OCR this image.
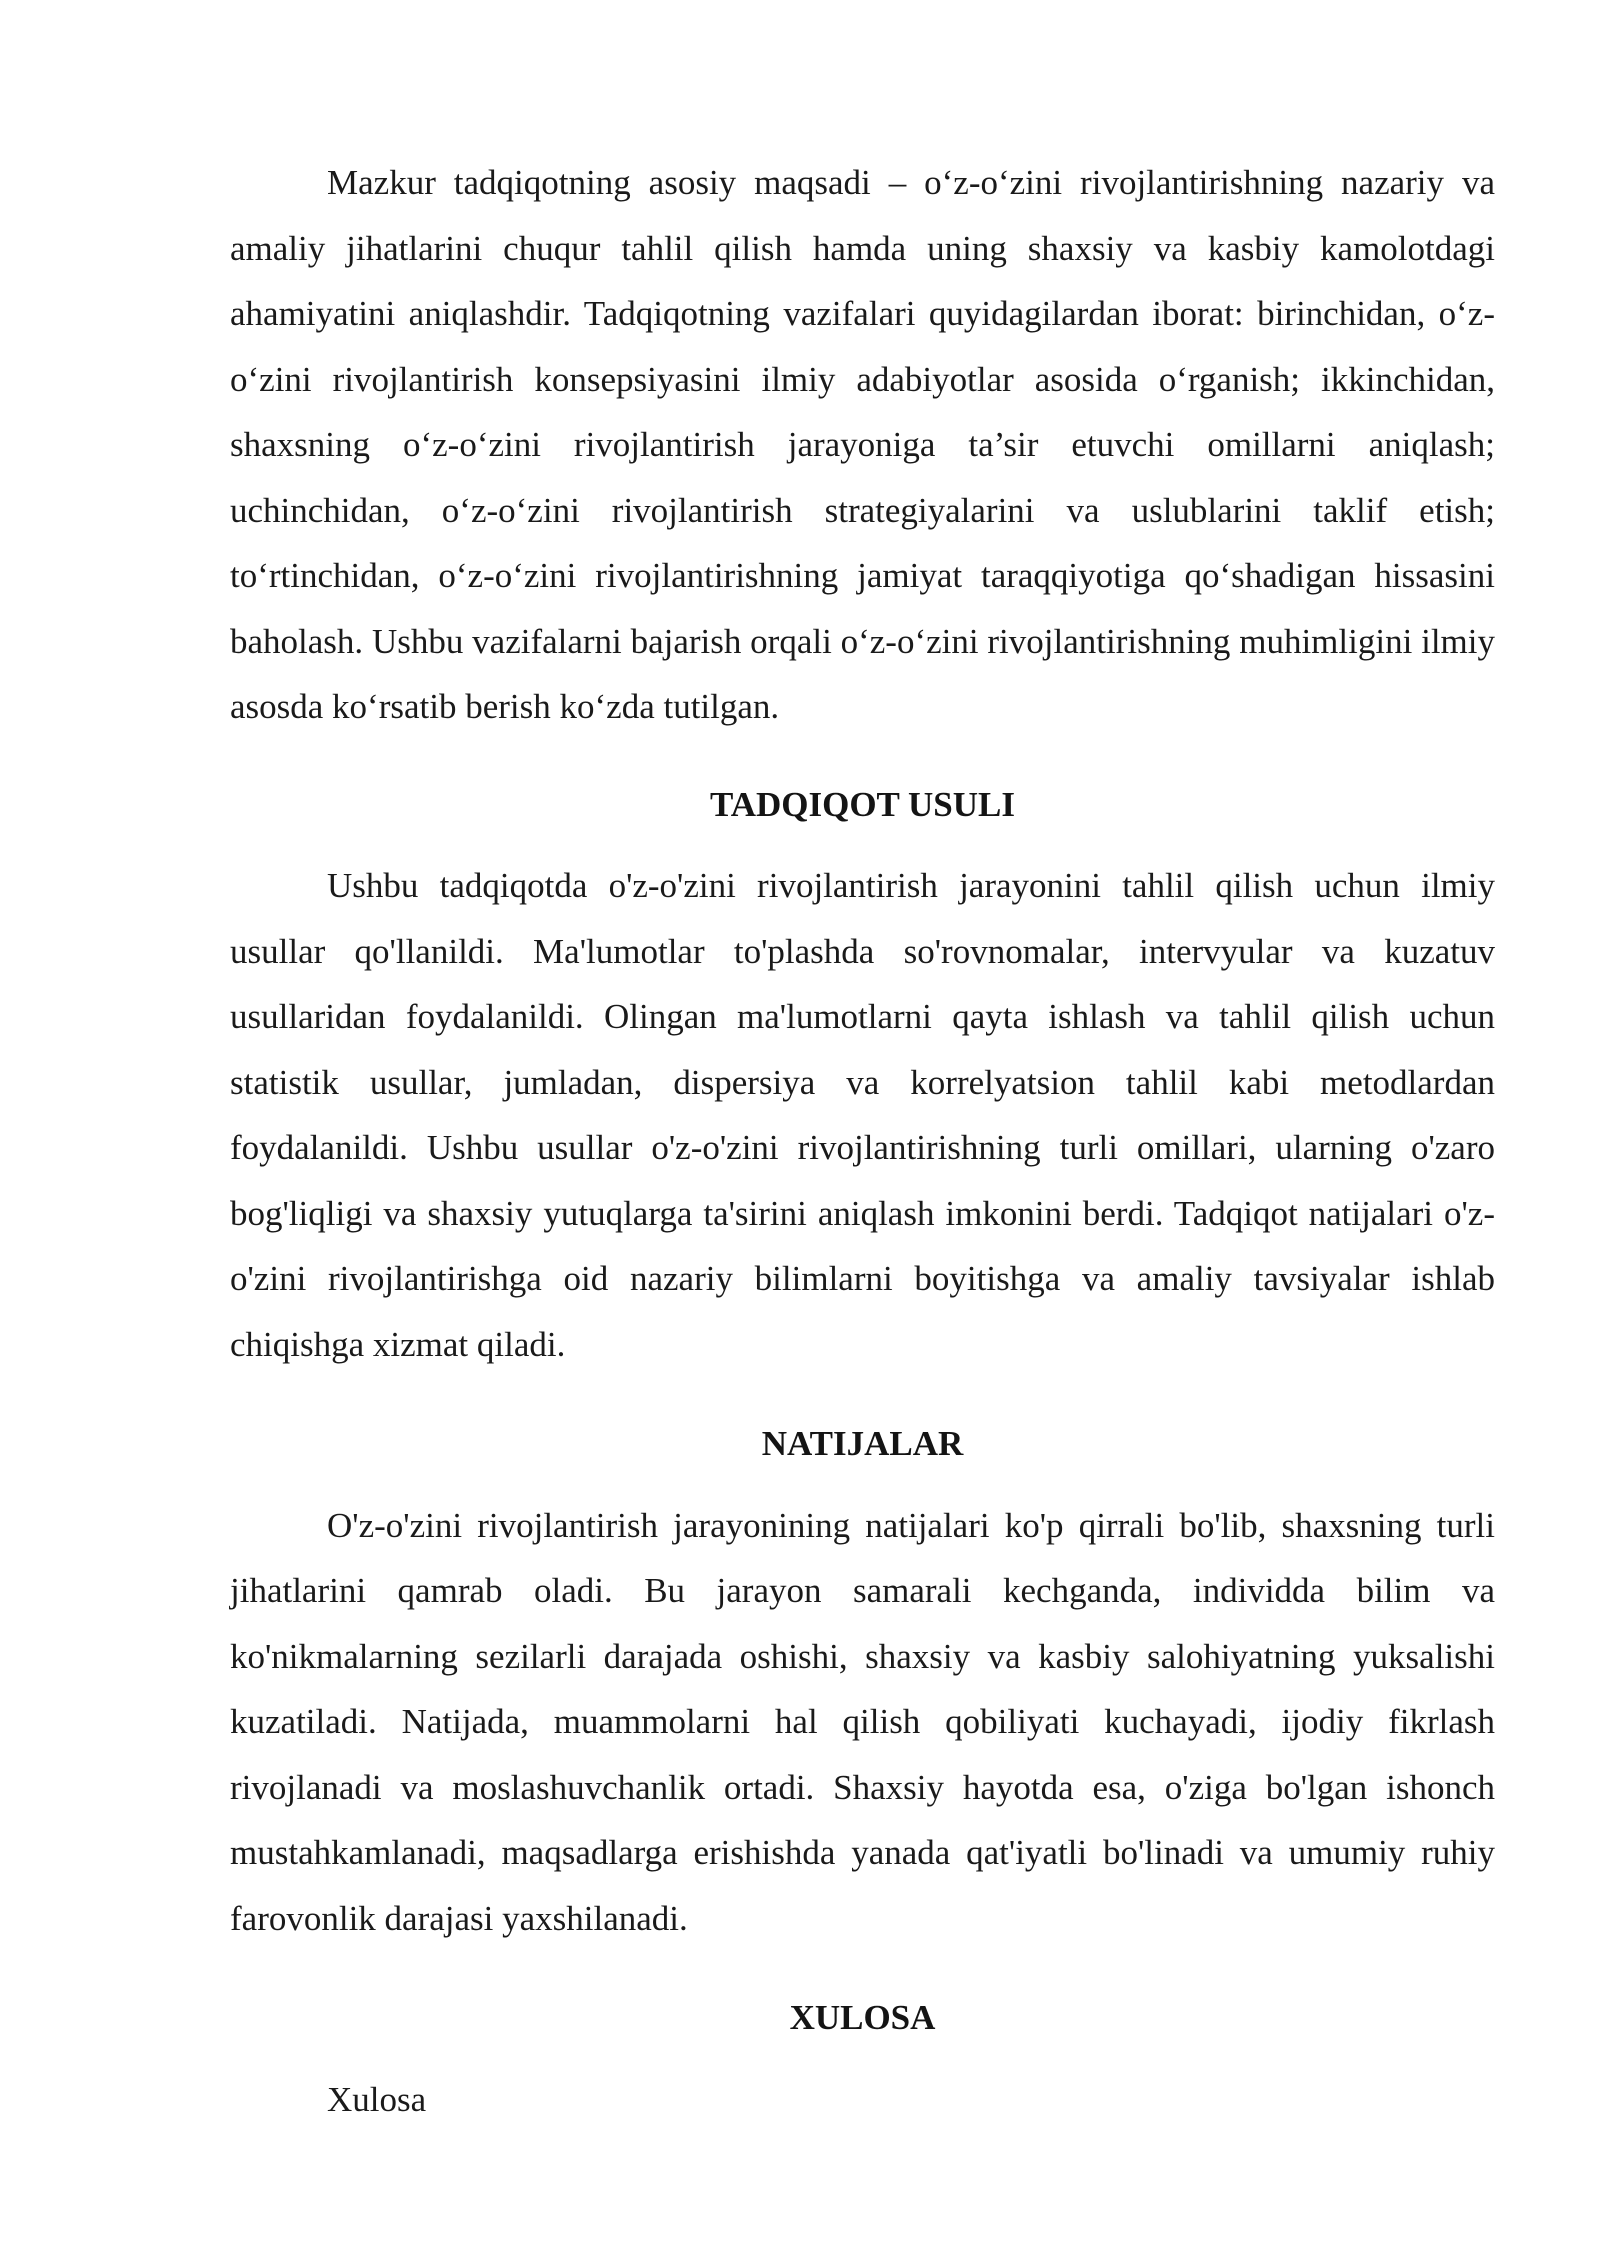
Mazkur tadqiqotning asosiy maqsadi – o‘z-o‘zini rivojlantirishning nazariy va amaliy jihatlarini chuqur tahlil qilish hamda uning shaxsiy va kasbiy kamolotdagi ahamiyatini aniqlashdir. Tadqiqotning vazifalari quyidagilardan iborat: birinchidan, o‘z-o‘zini rivojlantirish konsepsiyasini ilmiy adabiyotlar asosida o‘rganish; ikkinchidan, shaxsning o‘z-o‘zini rivojlantirish jarayoniga ta’sir etuvchi omillarni aniqlash; uchinchidan, o‘z-o‘zini rivojlantirish strategiyalarini va uslublarini taklif etish; to‘rtinchidan, o‘z-o‘zini rivojlantirishning jamiyat taraqqiyotiga qo‘shadigan hissasini baholash. Ushbu vazifalarni bajarish orqali o‘z-o‘zini rivojlantirishning muhimligini ilmiy asosda ko‘rsatib berish ko‘zda tutilgan.

TADQIQOT USULI

Ushbu tadqiqotda o'z-o'zini rivojlantirish jarayonini tahlil qilish uchun ilmiy usullar qo'llanildi. Ma'lumotlar to'plashda so'rovnomalar, intervyular va kuzatuv usullaridan foydalanildi. Olingan ma'lumotlarni qayta ishlash va tahlil qilish uchun statistik usullar, jumladan, dispersiya va korrelyatsion tahlil kabi metodlardan foydalanildi. Ushbu usullar o'z-o'zini rivojlantirishning turli omillari, ularning o'zaro bog'liqligi va shaxsiy yutuqlarga ta'sirini aniqlash imkonini berdi. Tadqiqot natijalari o'z-o'zini rivojlantirishga oid nazariy bilimlarni boyitishga va amaliy tavsiyalar ishlab chiqishga xizmat qiladi.

NATIJALAR

O'z-o'zini rivojlantirish jarayonining natijalari ko'p qirrali bo'lib, shaxsning turli jihatlarini qamrab oladi. Bu jarayon samarali kechganda, individda bilim va ko'nikmalarning sezilarli darajada oshishi, shaxsiy va kasbiy salohiyatning yuksalishi kuzatiladi. Natijada, muammolarni hal qilish qobiliyati kuchayadi, ijodiy fikrlash rivojlanadi va moslashuvchanlik ortadi. Shaxsiy hayotda esa, o'ziga bo'lgan ishonch mustahkamlanadi, maqsadlarga erishishda yanada qat'iyatli bo'linadi va umumiy ruhiy farovonlik darajasi yaxshilanadi.

XULOSA

Xulosa
